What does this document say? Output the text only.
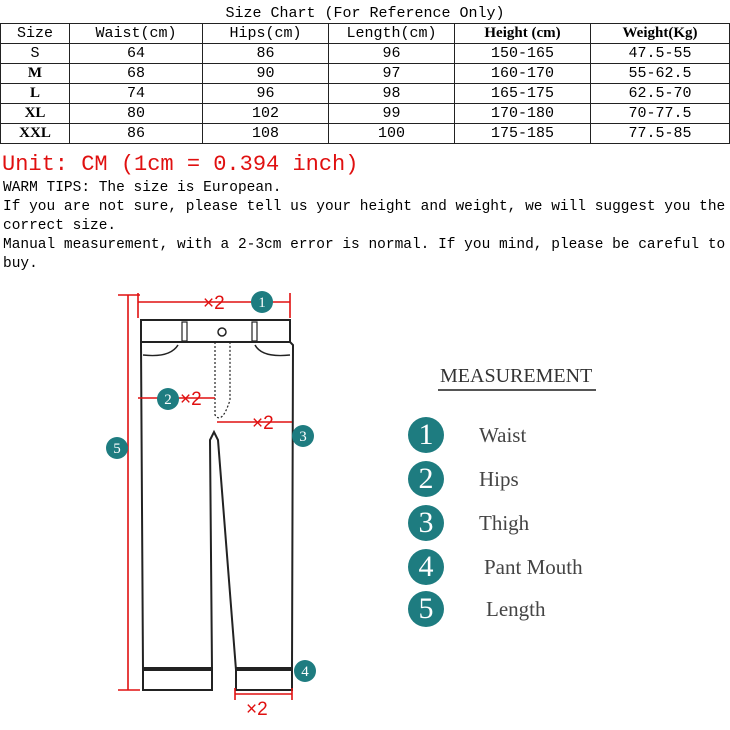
Size Chart (For Reference Only)					
Size	Waist(cm)	Hips(cm)	Length(cm)	Height (cm)	Weight(Kg)
S	64	86	96	150-165	47.5-55
M	68	90	97	160-170	55-62.5
L	74	96	98	165-175	62.5-70
XL	80	102	99	170-180	70-77.5
XXL	86	108	100	175-185	77.5-85
Unit: CM (1cm = 0.394 inch)
WARM TIPS: The size is European.
If you are not sure, please tell us your height and weight, we will suggest you the correct size.
Manual measurement, with a 2-3cm error is normal. If you mind, please be careful to buy.
×2
×2
×2
×2
1
2
3
4
5
MEASUREMENT
1	Waist
2	Hips
3	Thigh
4	Pant Mouth
5	Length
